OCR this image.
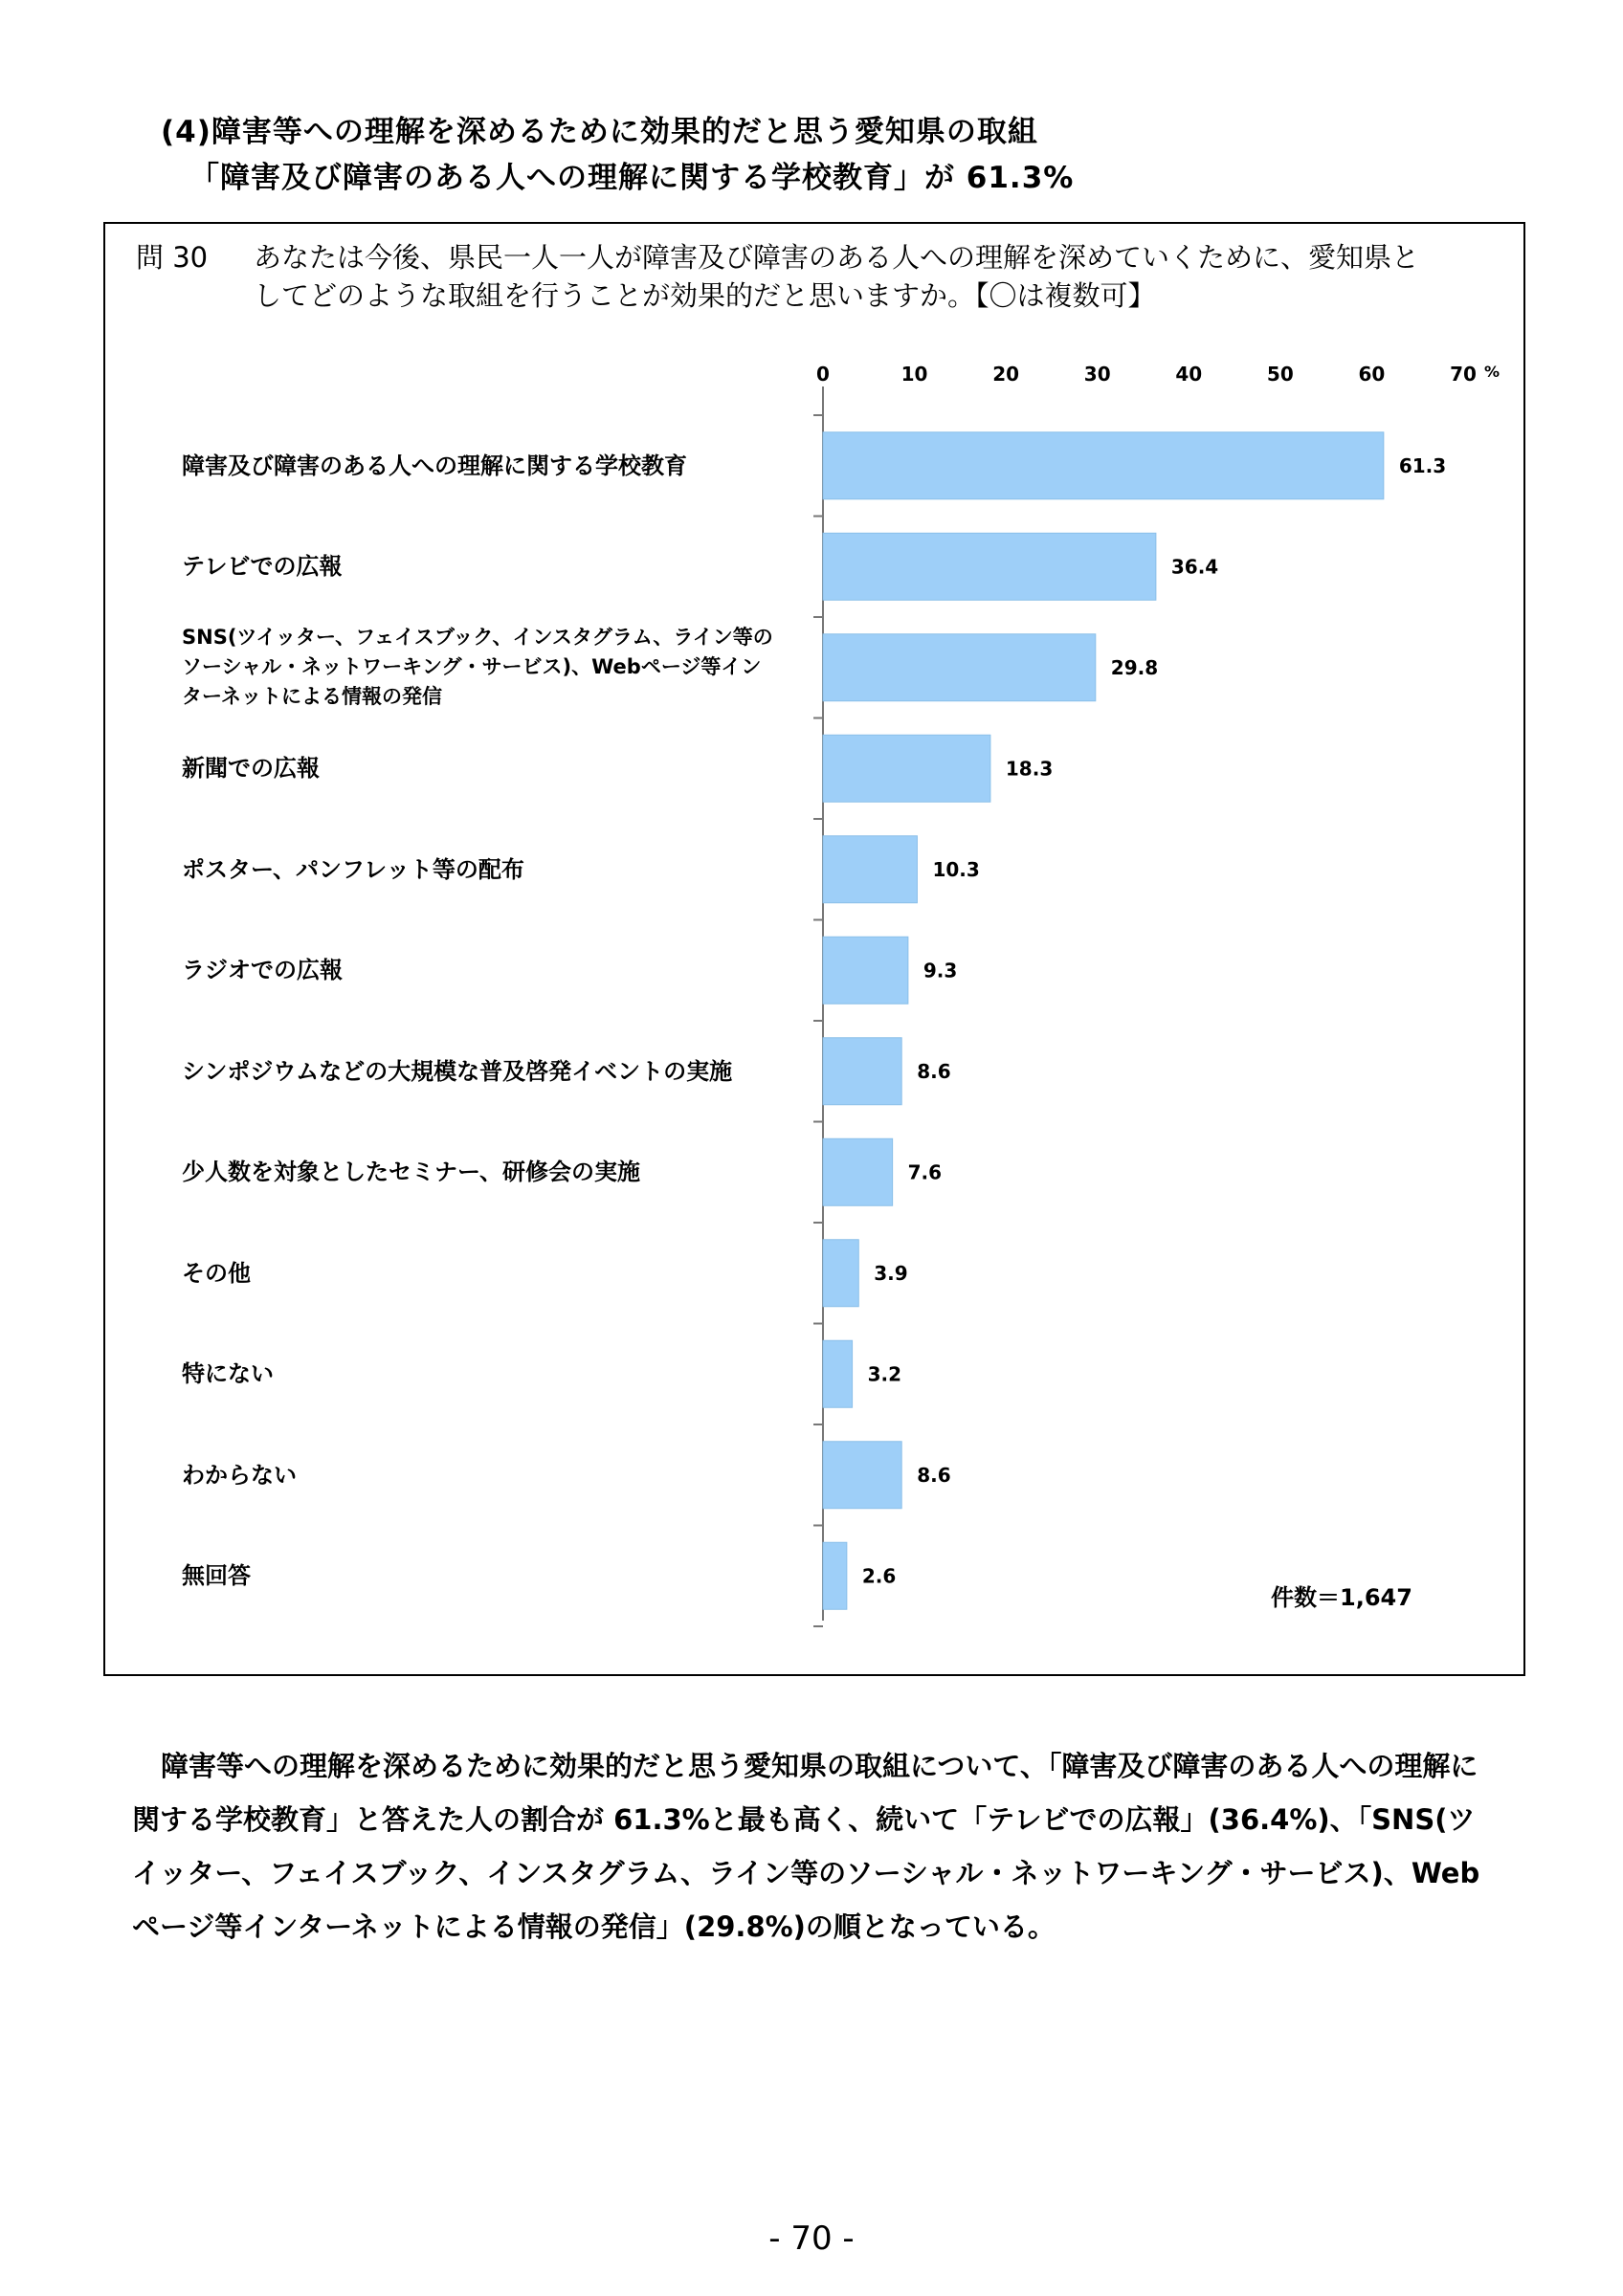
(4)障害等への理解を深めるために効果的だと思う愛知県の取組
「障害及び障害のある人への理解に関する学校教育」が 61.3%
問 30 あなたは今後、県民一人一人が障害及び障害のある人への理解を深めていくために、愛知県と
してどのような取組を行うことが効果的だと思いますか。【〇は複数可】
障害及び障害のある人への理解に関する学校教育
テレビでの広報
SNS(ツイッター、フェイスブック、インスタグラム、ライン等の
ソーシャル・ネットワーキング・サービス)、Webページ等イン
ターネットによる情報の発信
新聞での広報
ポスター、パンフレット等の配布
ラジオでの広報
シンポジウムなどの大規模な普及啓発イベントの実施
少人数を対象としたセミナー、研修会の実施
その他
特にない
わからない
無回答
0	10	20	30	40	50	60	70 %
61.3
36.4
29.8
18.3
10.3
9.3
8.6
7.6
3.9
3.2
8.6
2.6
件数＝1,647

障害等への理解を深めるために効果的だと思う愛知県の取組について、「障害及び障害のある人への理解に関する学校教育」と答えた人の割合が 61.3%と最も高く、続いて「テレビでの広報」(36.4%)、「SNS(ツイッター、フェイスブック、インスタグラム、ライン等のソーシャル・ネットワーキング・サービス)、Web ページ等インターネットによる情報の発信」(29.8%)の順となっている。

- 70 -
